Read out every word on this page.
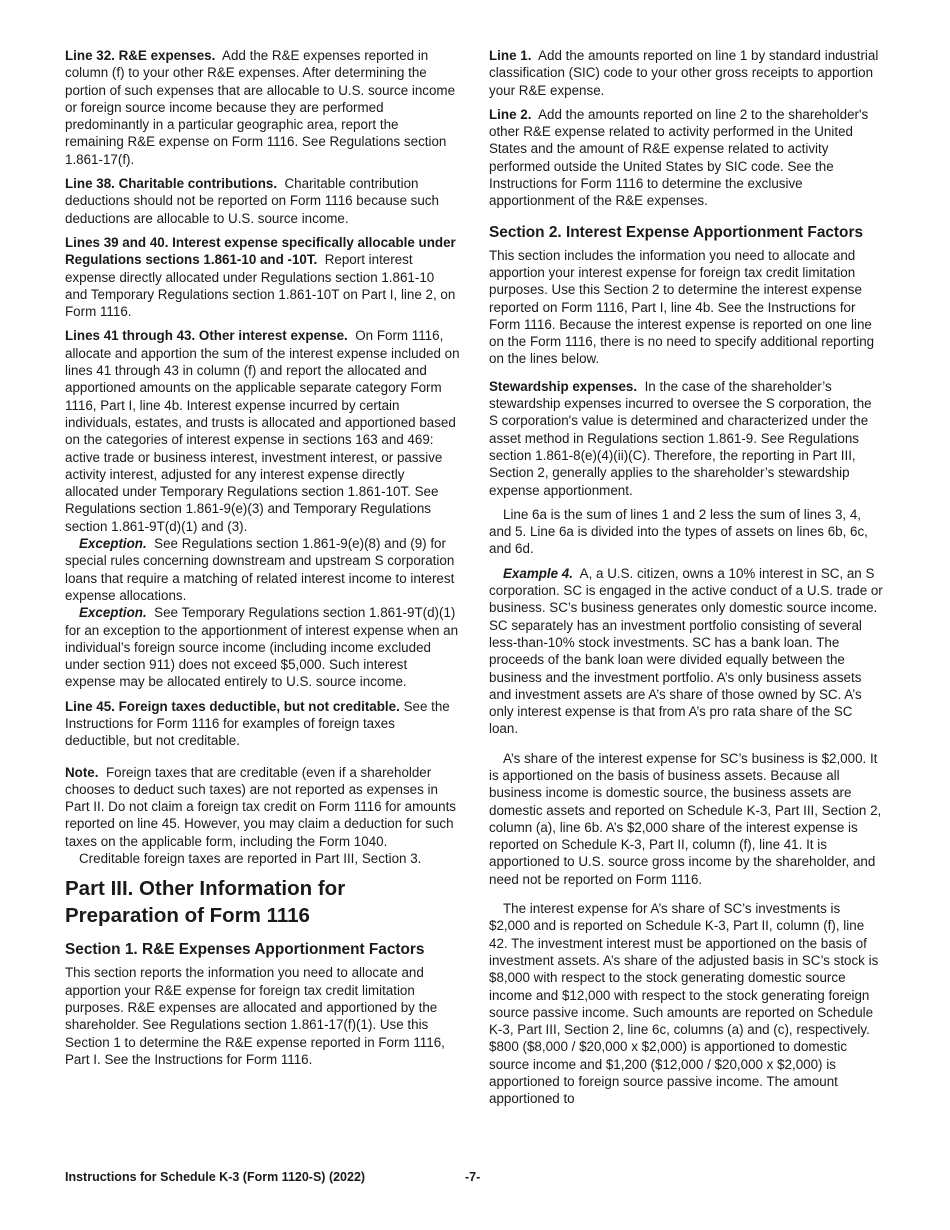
Line 32. R&E expenses. Add the R&E expenses reported in column (f) to your other R&E expenses. After determining the portion of such expenses that are allocable to U.S. source income or foreign source income because they are performed predominantly in a particular geographic area, report the remaining R&E expense on Form 1116. See Regulations section 1.861-17(f).

Line 38. Charitable contributions. Charitable contribution deductions should not be reported on Form 1116 because such deductions are allocable to U.S. source income.

Lines 39 and 40. Interest expense specifically allocable under Regulations sections 1.861-10 and -10T. Report interest expense directly allocated under Regulations section 1.861-10 and Temporary Regulations section 1.861-10T on Part I, line 2, on Form 1116.

Lines 41 through 43. Other interest expense. On Form 1116, allocate and apportion the sum of the interest expense included on lines 41 through 43 in column (f) and report the allocated and apportioned amounts on the applicable separate category Form 1116, Part I, line 4b. Interest expense incurred by certain individuals, estates, and trusts is allocated and apportioned based on the categories of interest expense in sections 163 and 469: active trade or business interest, investment interest, or passive activity interest, adjusted for any interest expense directly allocated under Temporary Regulations section 1.861-10T. See Regulations section 1.861-9(e)(3) and Temporary Regulations section 1.861-9T(d)(1) and (3).

Exception. See Regulations section 1.861-9(e)(8) and (9) for special rules concerning downstream and upstream S corporation loans that require a matching of related interest income to interest expense allocations.

Exception. See Temporary Regulations section 1.861-9T(d)(1) for an exception to the apportionment of interest expense when an individual’s foreign source income (including income excluded under section 911) does not exceed $5,000. Such interest expense may be allocated entirely to U.S. source income.

Line 45. Foreign taxes deductible, but not creditable. See the Instructions for Form 1116 for examples of foreign taxes deductible, but not creditable.

Note. Foreign taxes that are creditable (even if a shareholder chooses to deduct such taxes) are not reported as expenses in Part II. Do not claim a foreign tax credit on Form 1116 for amounts reported on line 45. However, you may claim a deduction for such taxes on the applicable form, including the Form 1040.

Creditable foreign taxes are reported in Part III, Section 3.

Part III. Other Information for Preparation of Form 1116
Section 1. R&E Expenses Apportionment Factors

This section reports the information you need to allocate and apportion your R&E expense for foreign tax credit limitation purposes. R&E expenses are allocated and apportioned by the shareholder. See Regulations section 1.861-17(f)(1). Use this Section 1 to determine the R&E expense reported in Form 1116, Part I. See the Instructions for Form 1116.

Line 1. Add the amounts reported on line 1 by standard industrial classification (SIC) code to your other gross receipts to apportion your R&E expense.

Line 2. Add the amounts reported on line 2 to the shareholder's other R&E expense related to activity performed in the United States and the amount of R&E expense related to activity performed outside the United States by SIC code. See the Instructions for Form 1116 to determine the exclusive apportionment of the R&E expenses.

Section 2. Interest Expense Apportionment Factors

This section includes the information you need to allocate and apportion your interest expense for foreign tax credit limitation purposes. Use this Section 2 to determine the interest expense reported on Form 1116, Part I, line 4b. See the Instructions for Form 1116. Because the interest expense is reported on one line on the Form 1116, there is no need to specify additional reporting on the lines below.

Stewardship expenses. In the case of the shareholder’s stewardship expenses incurred to oversee the S corporation, the S corporation's value is determined and characterized under the asset method in Regulations section 1.861-9. See Regulations section 1.861-8(e)(4)(ii)(C). Therefore, the reporting in Part III, Section 2, generally applies to the shareholder’s stewardship expense apportionment.

Line 6a is the sum of lines 1 and 2 less the sum of lines 3, 4, and 5. Line 6a is divided into the types of assets on lines 6b, 6c, and 6d.

Example 4. A, a U.S. citizen, owns a 10% interest in SC, an S corporation. SC is engaged in the active conduct of a U.S. trade or business. SC’s business generates only domestic source income. SC separately has an investment portfolio consisting of several less-than-10% stock investments. SC has a bank loan. The proceeds of the bank loan were divided equally between the business and the investment portfolio. A’s only business assets and investment assets are A’s share of those owned by SC. A’s only interest expense is that from A’s pro rata share of the SC loan.

A’s share of the interest expense for SC’s business is $2,000. It is apportioned on the basis of business assets. Because all business income is domestic source, the business assets are domestic assets and reported on Schedule K-3, Part III, Section 2, column (a), line 6b. A’s $2,000 share of the interest expense is reported on Schedule K-3, Part II, column (f), line 41. It is apportioned to U.S. source gross income by the shareholder, and need not be reported on Form 1116.

The interest expense for A’s share of SC’s investments is $2,000 and is reported on Schedule K-3, Part II, column (f), line 42. The investment interest must be apportioned on the basis of investment assets. A’s share of the adjusted basis in SC’s stock is $8,000 with respect to the stock generating domestic source income and $12,000 with respect to the stock generating foreign source passive income. Such amounts are reported on Schedule K-3, Part III, Section 2, line 6c, columns (a) and (c), respectively. $800 ($8,000 / $20,000 x $2,000) is apportioned to domestic source income and $1,200 ($12,000 / $20,000 x $2,000) is apportioned to foreign source passive income. The amount apportioned to

Instructions for Schedule K-3 (Form 1120-S) (2022)	-7-
